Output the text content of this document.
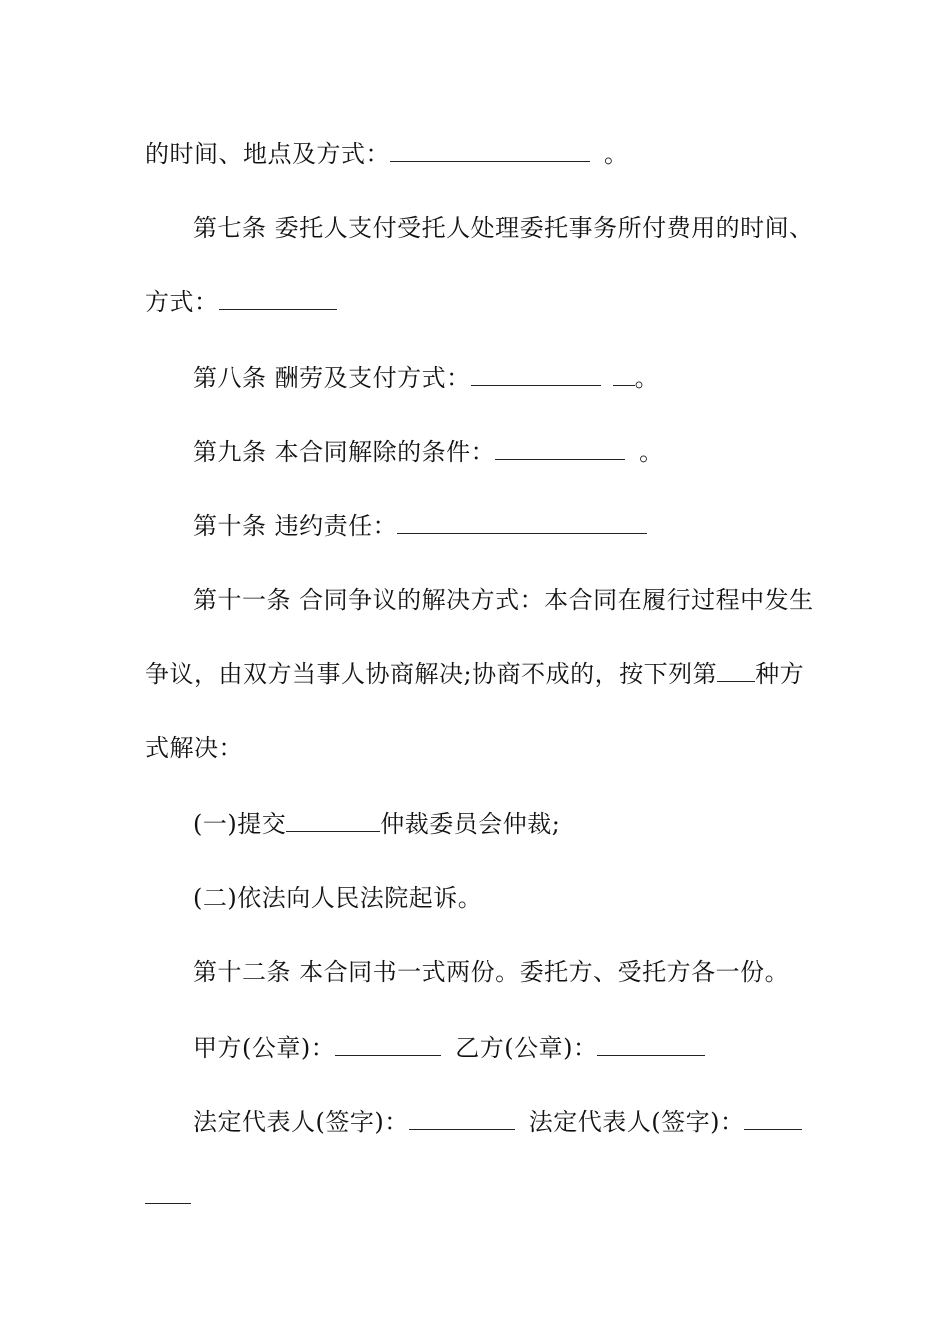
的时间、地点及方式：	。
第七条 委托人支付受托人处理委托事务所付费用的时间、
方式：
第八条 酬劳及支付方式：	。
第九条 本合同解除的条件：	。
第十条 违约责任：
第十一条 合同争议的解决方式：本合同在履行过程中发生
争议，由双方当事人协商解决;协商不成的，按下列第 种方
式解决：
(一)提交	仲裁委员会仲裁;
(二)依法向人民法院起诉。
第十二条 本合同书一式两份。委托方、受托方各一份。
甲方(公章)：	乙方(公章)：
法定代表人(签字)：	法定代表人(签字)：
